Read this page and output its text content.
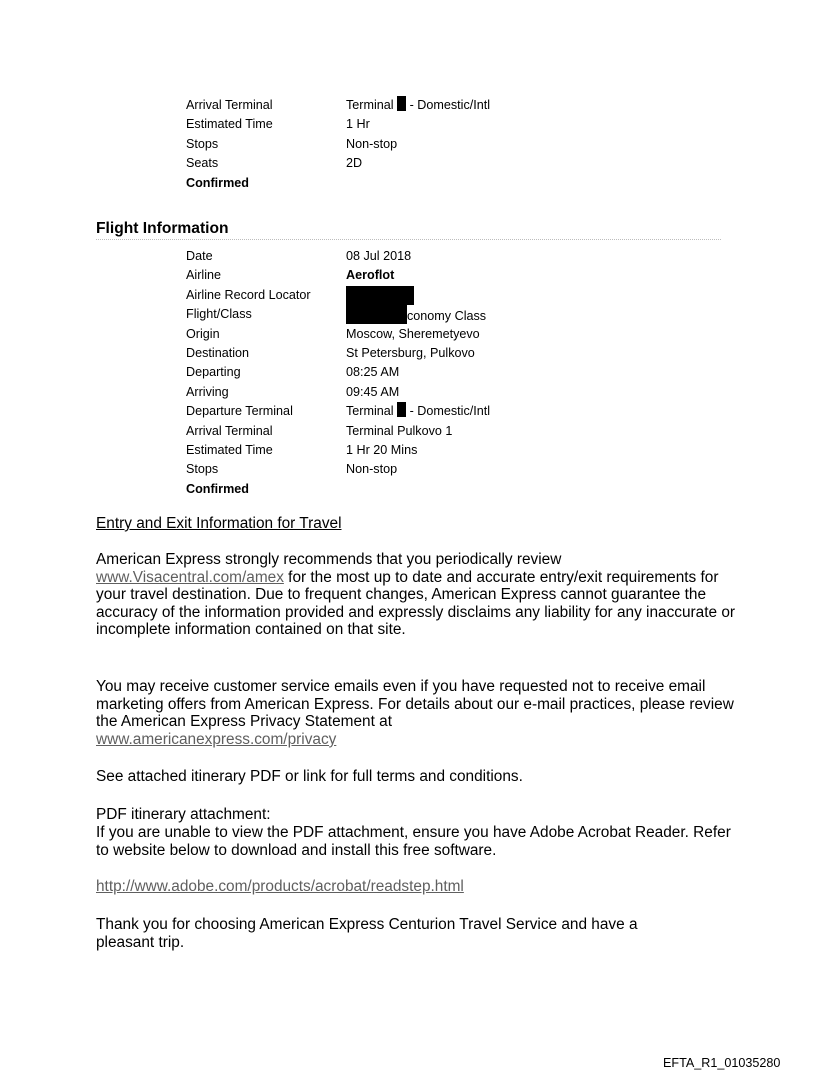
Arrival Terminal	Terminal  - Domestic/Intl
Estimated Time	1 Hr
Stops	Non-stop
Seats	2D
Confirmed
Flight Information
Date	08 Jul 2018
Airline	Aeroflot
Airline Record Locator
Flight/Class	conomy Class
Origin	Moscow, Sheremetyevo
Destination	St Petersburg, Pulkovo
Departing	08:25 AM
Arriving	09:45 AM
Departure Terminal	Terminal  - Domestic/Intl
Arrival Terminal	Terminal Pulkovo 1
Estimated Time	1 Hr 20 Mins
Stops	Non-stop
Confirmed

Entry and Exit Information for Travel

American Express strongly recommends that you periodically review
www.Visacentral.com/amex for the most up to date and accurate entry/exit requirements for your travel destination. Due to frequent changes, American Express cannot guarantee the accuracy of the information provided and expressly disclaims any liability for any inaccurate or incomplete information contained on that site.

You may receive customer service emails even if you have requested not to receive email marketing offers from American Express. For details about our e-mail practices, please review the American Express Privacy Statement at
www.americanexpress.com/privacy

See attached itinerary PDF or link for full terms and conditions.

PDF itinerary attachment:

If you are unable to view the PDF attachment, ensure you have Adobe Acrobat Reader. Refer to website below to download and install this free software.

http://www.adobe.com/products/acrobat/readstep.html

Thank you for choosing American Express Centurion Travel Service and have a pleasant trip.

EFTA_R1_01035280
